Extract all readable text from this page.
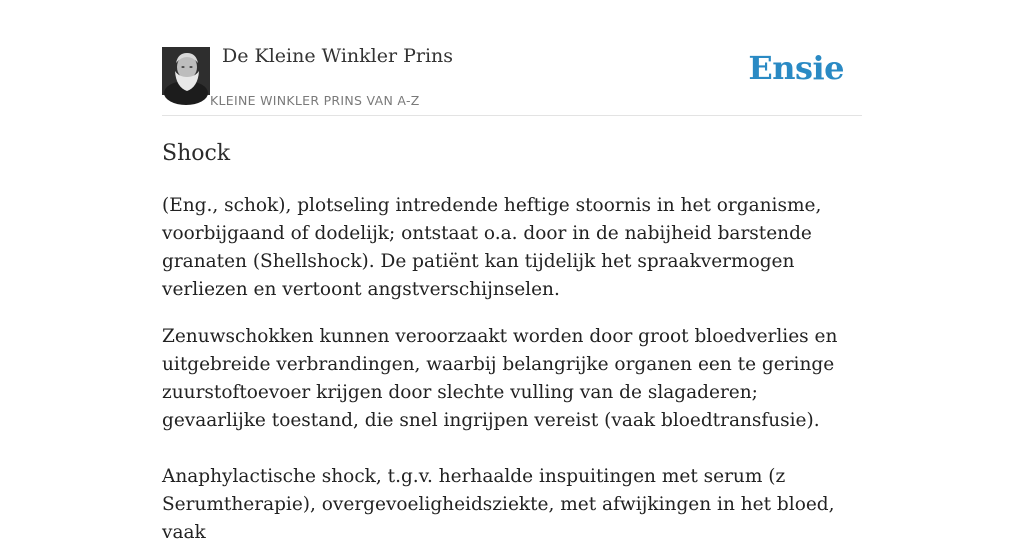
De Kleine Winkler Prins
KLEINE WINKLER PRINS VAN A-Z
Ensie
Shock

(Eng., schok), plotseling intredende heftige stoornis in het organisme, voorbijgaand of dodelijk; ontstaat o.a. door in de nabijheid barstende granaten (Shellshock). De patiënt kan tijdelijk het spraakvermogen verliezen en vertoont angstverschijnselen.

Zenuwschokken kunnen veroorzaakt worden door groot bloedverlies en uitgebreide verbrandingen, waarbij belangrijke organen een te geringe zuurstoftoevoer krijgen door slechte vulling van de slagaderen; gevaarlijke toestand, die snel ingrijpen vereist (vaak bloedtransfusie).

Anaphylactische shock, t.g.v. herhaalde inspuitingen met serum (z Serumtherapie), overgevoeligheidsziekte, met afwijkingen in het bloed, vaak
